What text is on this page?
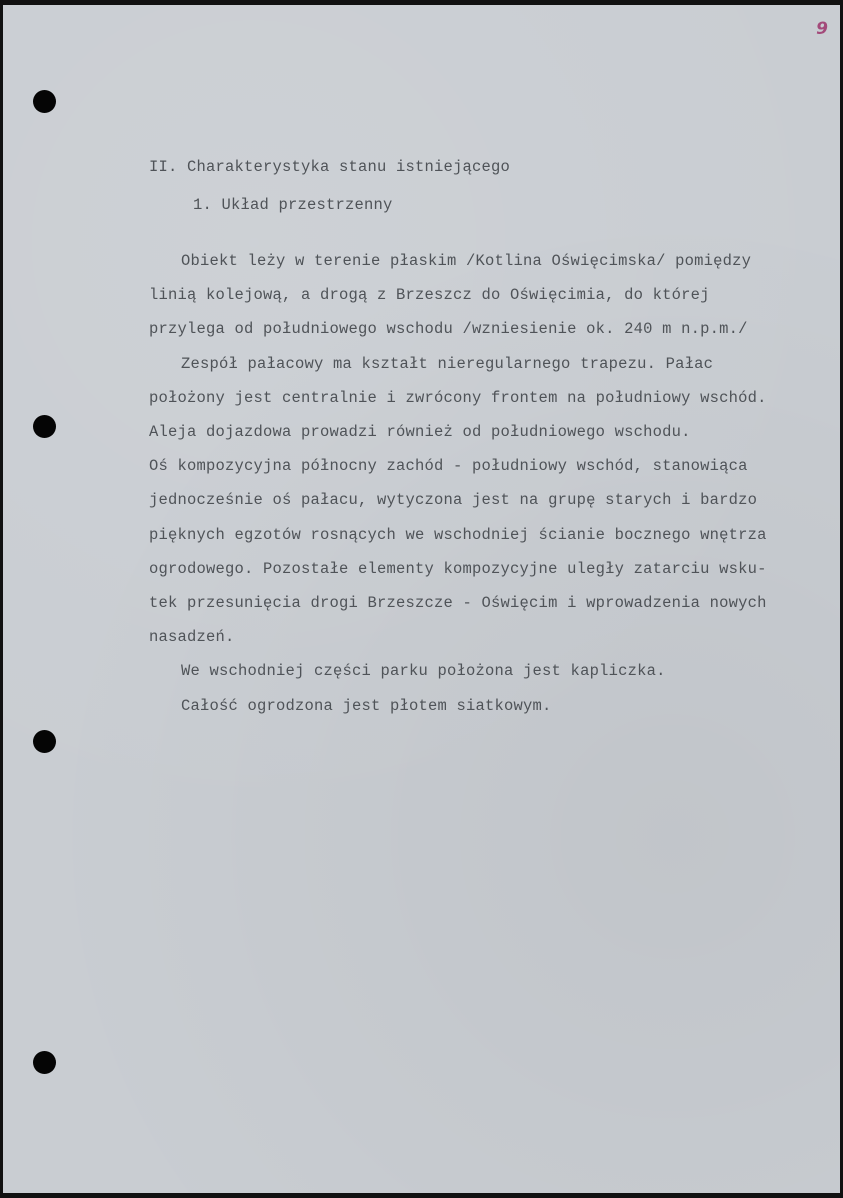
9
II. Charakterystyka stanu istniejącego
1. Układ przestrzenny
Obiekt leży w terenie płaskim /Kotlina Oświęcimska/ pomiędzy
linią kolejową, a drogą z Brzeszcz do Oświęcimia, do której
przylega od południowego wschodu /wzniesienie ok. 240 m n.p.m./
Zespół pałacowy ma kształt nieregularnego trapezu. Pałac
położony jest centralnie i zwrócony frontem na południowy wschód.
Aleja dojazdowa prowadzi również od południowego wschodu.
Oś kompozycyjna północny zachód - południowy wschód, stanowiąca
jednocześnie oś pałacu, wytyczona jest na grupę starych i bardzo
pięknych egzotów rosnących we wschodniej ścianie bocznego wnętrza
ogrodowego. Pozostałe elementy kompozycyjne uległy zatarciu wsku-
tek przesunięcia drogi Brzeszcze - Oświęcim i wprowadzenia nowych
nasadzeń.
We wschodniej części parku położona jest kapliczka.
Całość ogrodzona jest płotem siatkowym.
